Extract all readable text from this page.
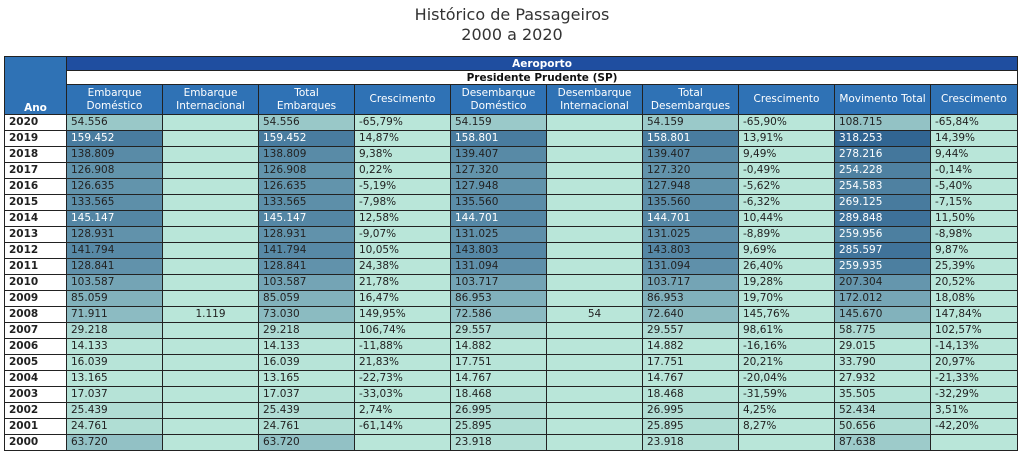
Histórico de Passageiros
2000 a 2020
Ano	Aeroporto									
	Presidente Prudente (SP)									
	Embarque Doméstico	Embarque Internacional	Total Embarques	Crescimento	Desembarque Doméstico	Desembarque Internacional	Total Desembarques	Crescimento	Movimento Total	Crescimento
2020	54.556		54.556	-65,79%	54.159		54.159	-65,90%	108.715	-65,84%
2019	159.452		159.452	14,87%	158.801		158.801	13,91%	318.253	14,39%
2018	138.809		138.809	9,38%	139.407		139.407	9,49%	278.216	9,44%
2017	126.908		126.908	0,22%	127.320		127.320	-0,49%	254.228	-0,14%
2016	126.635		126.635	-5,19%	127.948		127.948	-5,62%	254.583	-5,40%
2015	133.565		133.565	-7,98%	135.560		135.560	-6,32%	269.125	-7,15%
2014	145.147		145.147	12,58%	144.701		144.701	10,44%	289.848	11,50%
2013	128.931		128.931	-9,07%	131.025		131.025	-8,89%	259.956	-8,98%
2012	141.794		141.794	10,05%	143.803		143.803	9,69%	285.597	9,87%
2011	128.841		128.841	24,38%	131.094		131.094	26,40%	259.935	25,39%
2010	103.587		103.587	21,78%	103.717		103.717	19,28%	207.304	20,52%
2009	85.059		85.059	16,47%	86.953		86.953	19,70%	172.012	18,08%
2008	71.911	1.119	73.030	149,95%	72.586	54	72.640	145,76%	145.670	147,84%
2007	29.218		29.218	106,74%	29.557		29.557	98,61%	58.775	102,57%
2006	14.133		14.133	-11,88%	14.882		14.882	-16,16%	29.015	-14,13%
2005	16.039		16.039	21,83%	17.751		17.751	20,21%	33.790	20,97%
2004	13.165		13.165	-22,73%	14.767		14.767	-20,04%	27.932	-21,33%
2003	17.037		17.037	-33,03%	18.468		18.468	-31,59%	35.505	-32,29%
2002	25.439		25.439	2,74%	26.995		26.995	4,25%	52.434	3,51%
2001	24.761		24.761	-61,14%	25.895		25.895	8,27%	50.656	-42,20%
2000	63.720		63.720		23.918		23.918		87.638	
